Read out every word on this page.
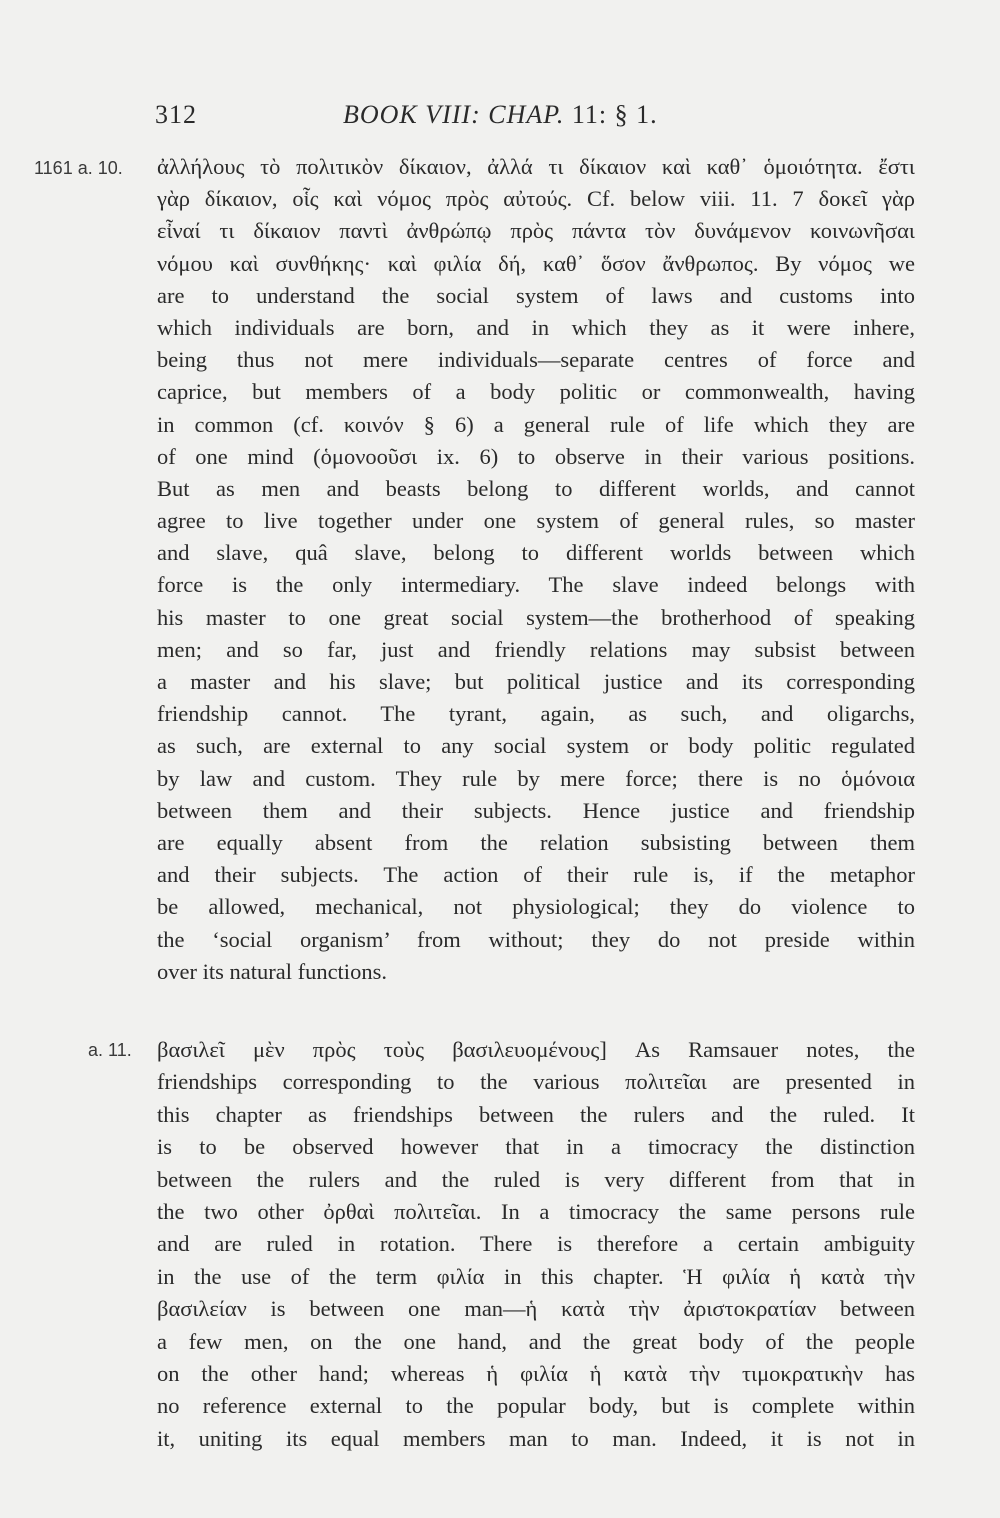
312	BOOK VIII: CHAP. 11: § 1.
1161 a. 10. ἀλλήλους τὸ πολιτικὸν δίκαιον, ἀλλά τι δίκαιον καὶ καθ᾽ ὁμοιότητα. ἔστι
γὰρ δίκαιον, οἷς καὶ νόμος πρὸς αὐτούς. Cf. below viii. 11. 7 δοκεῖ γὰρ
εἶναί τι δίκαιον παντὶ ἀνθρώπῳ πρὸς πάντα τὸν δυνάμενον κοινωνῆσαι
νόμου καὶ συνθήκης· καὶ φιλία δή, καθ᾽ ὅσον ἄνθρωπος. By νόμος we
are to understand the social system of laws and customs into
which individuals are born, and in which they as it were inhere,
being thus not mere individuals—separate centres of force and
caprice, but members of a body politic or commonwealth, having
in common (cf. κοινόν § 6) a general rule of life which they are
of one mind (ὁμονοοῦσι ix. 6) to observe in their various positions.
But as men and beasts belong to different worlds, and cannot
agree to live together under one system of general rules, so master
and slave, quâ slave, belong to different worlds between which
force is the only intermediary. The slave indeed belongs with
his master to one great social system—the brotherhood of speaking
men; and so far, just and friendly relations may subsist between
a master and his slave; but political justice and its corresponding
friendship cannot. The tyrant, again, as such, and oligarchs,
as such, are external to any social system or body politic regulated
by law and custom. They rule by mere force; there is no ὁμόνοια
between them and their subjects. Hence justice and friendship
are equally absent from the relation subsisting between them
and their subjects. The action of their rule is, if the metaphor
be allowed, mechanical, not physiological; they do violence to
the ‘social organism’ from without; they do not preside within
over its natural functions.
a. 11. βασιλεῖ μὲν πρὸς τοὺς βασιλευομένους] As Ramsauer notes, the
friendships corresponding to the various πολιτεῖαι are presented in
this chapter as friendships between the rulers and the ruled. It
is to be observed however that in a timocracy the distinction
between the rulers and the ruled is very different from that in
the two other ὀρθαὶ πολιτεῖαι. In a timocracy the same persons rule
and are ruled in rotation. There is therefore a certain ambiguity
in the use of the term φιλία in this chapter. Ἡ φιλία ἡ κατὰ τὴν
βασιλείαν is between one man—ἡ κατὰ τὴν ἀριστοκρατίαν between
a few men, on the one hand, and the great body of the people
on the other hand; whereas ἡ φιλία ἡ κατὰ τὴν τιμοκρατικὴν has
no reference external to the popular body, but is complete within
it, uniting its equal members man to man. Indeed, it is not in
